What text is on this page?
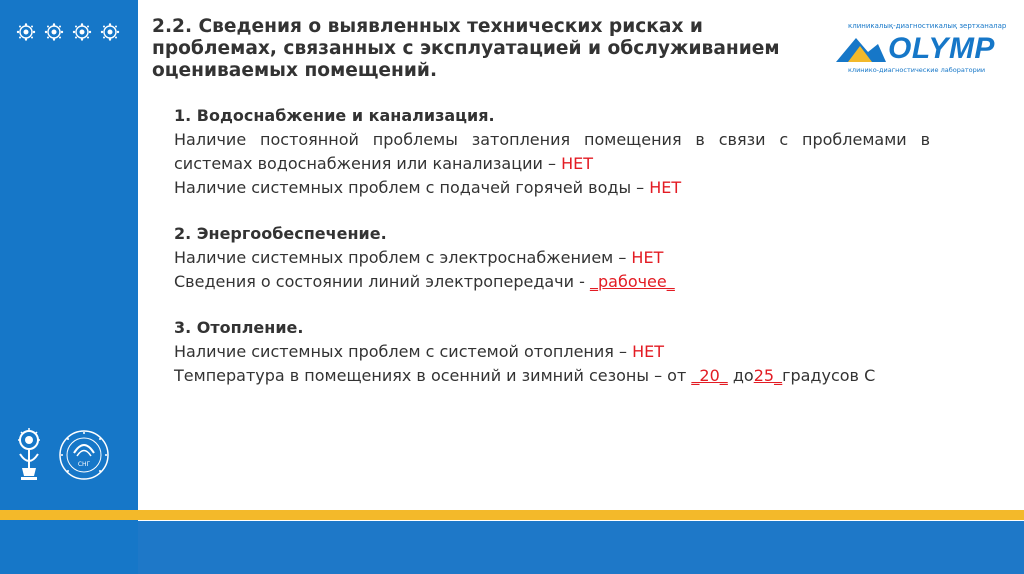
СНГ
2.2. Сведения о выявленных технических рисках и проблемах, связанных с эксплуатацией и обслуживанием оцениваемых помещений.
клиникалық-диагностикалық зертханалар
OLYMP
клинико-диагностические лаборатории

1. Водоснабжение и канализация.

Наличие постоянной проблемы затопления помещения в связи с проблемами в системах водоснабжения или канализации – НЕТ

Наличие системных проблем с подачей горячей воды – НЕТ

2. Энергообеспечение.

Наличие системных проблем с электроснабжением – НЕТ

Сведения о состоянии линий электропередачи - _рабочее_

3. Отопление.

Наличие системных проблем с системой отопления – НЕТ

Температура в помещениях в осенний и зимний сезоны – от _20_ до25_градусов С
